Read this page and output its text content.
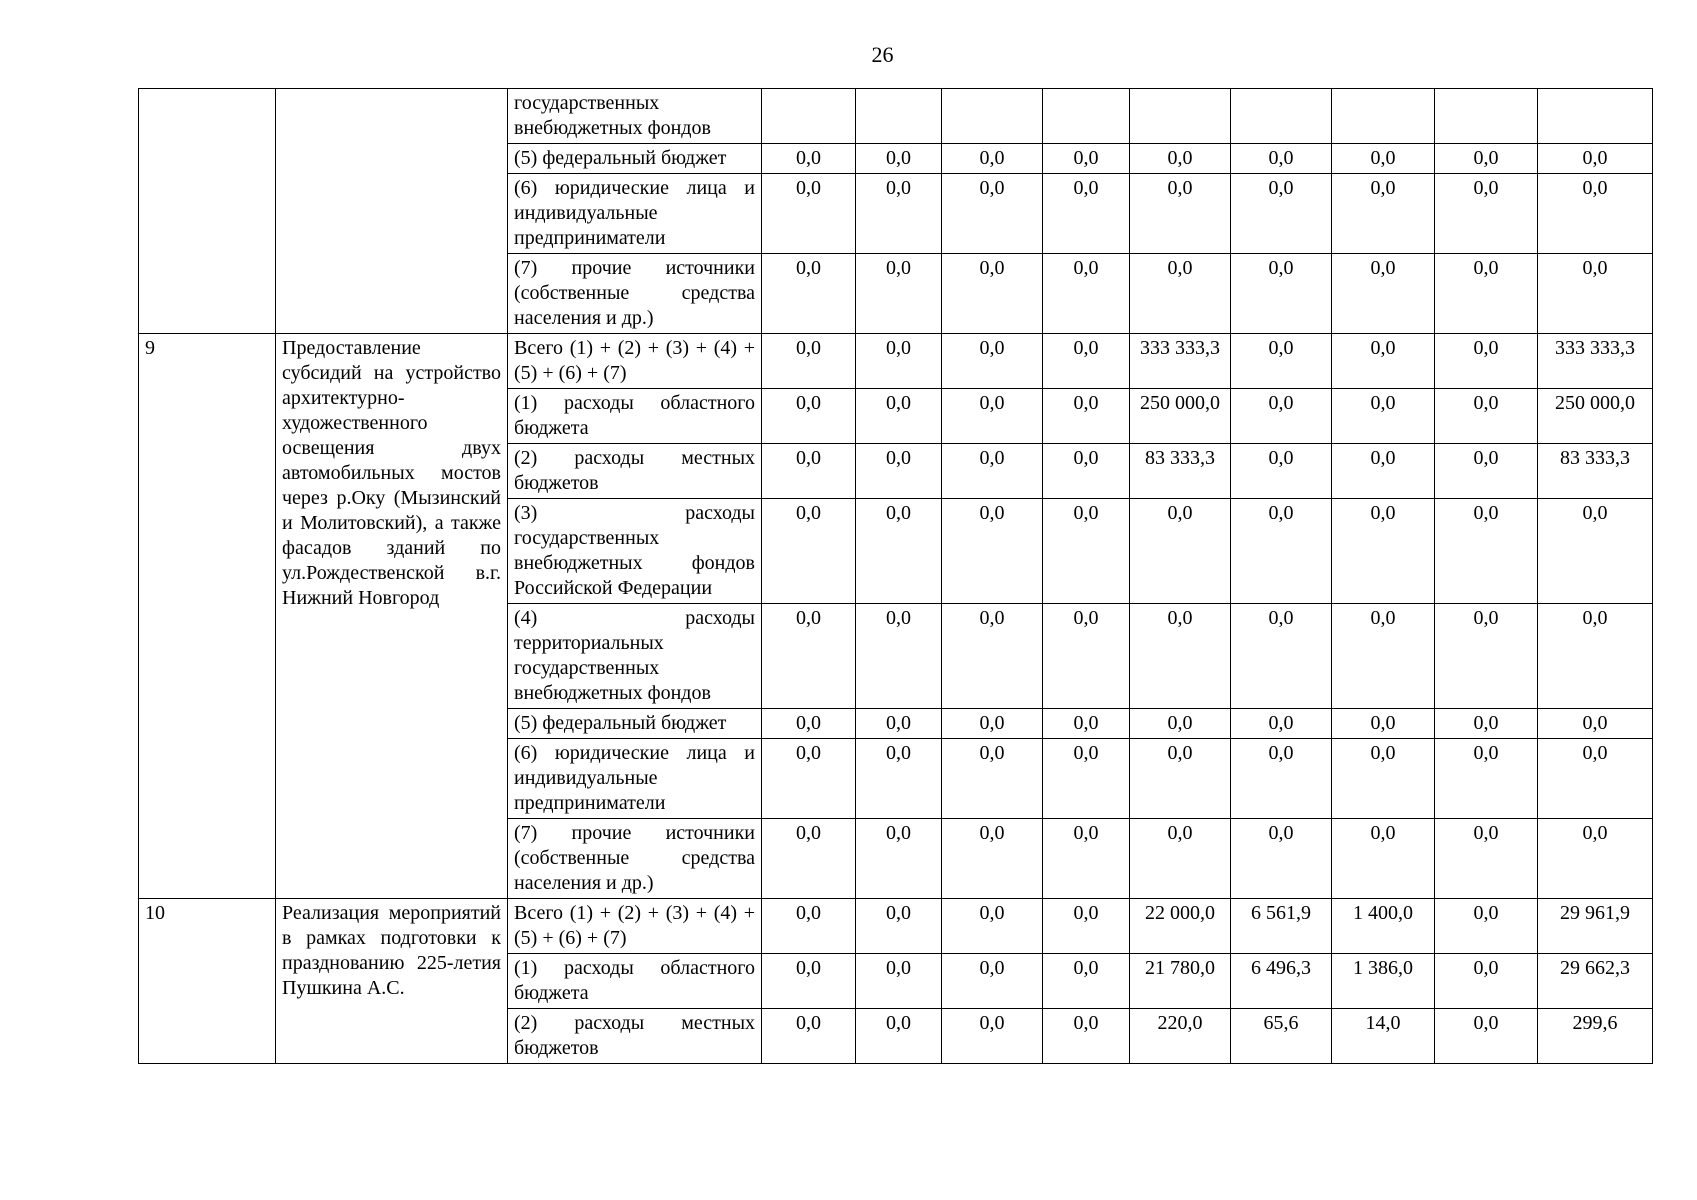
26
		государственных внебюджетных фондов									
		(5) федеральный бюджет	0,0	0,0	0,0	0,0	0,0	0,0	0,0	0,0	0,0
		(6) юридические лица и индивидуальные предприниматели	0,0	0,0	0,0	0,0	0,0	0,0	0,0	0,0	0,0
		(7) прочие источники (собственные средства населения и др.)	0,0	0,0	0,0	0,0	0,0	0,0	0,0	0,0	0,0
9	Предоставление субсидий на устройство архитектурно-художественного освещения двух автомобильных мостов через р.Оку (Мызинский и Молитовский), а также фасадов зданий по ул.Рождественской в.г. Нижний Новгород	Всего (1) + (2) + (3) + (4) + (5) + (6) + (7)	0,0	0,0	0,0	0,0	333 333,3	0,0	0,0	0,0	333 333,3
		(1) расходы областного бюджета	0,0	0,0	0,0	0,0	250 000,0	0,0	0,0	0,0	250 000,0
		(2) расходы местных бюджетов	0,0	0,0	0,0	0,0	83 333,3	0,0	0,0	0,0	83 333,3
		(3) расходы государственных внебюджетных фондов Российской Федерации	0,0	0,0	0,0	0,0	0,0	0,0	0,0	0,0	0,0
		(4) расходы территориальных государственных внебюджетных фондов	0,0	0,0	0,0	0,0	0,0	0,0	0,0	0,0	0,0
		(5) федеральный бюджет	0,0	0,0	0,0	0,0	0,0	0,0	0,0	0,0	0,0
		(6) юридические лица и индивидуальные предприниматели	0,0	0,0	0,0	0,0	0,0	0,0	0,0	0,0	0,0
		(7) прочие источники (собственные средства населения и др.)	0,0	0,0	0,0	0,0	0,0	0,0	0,0	0,0	0,0
10	Реализация мероприятий в рамках подготовки к празднованию 225-летия Пушкина А.С.	Всего (1) + (2) + (3) + (4) + (5) + (6) + (7)	0,0	0,0	0,0	0,0	22 000,0	6 561,9	1 400,0	0,0	29 961,9
		(1) расходы областного бюджета	0,0	0,0	0,0	0,0	21 780,0	6 496,3	1 386,0	0,0	29 662,3
		(2) расходы местных бюджетов	0,0	0,0	0,0	0,0	220,0	65,6	14,0	0,0	299,6
